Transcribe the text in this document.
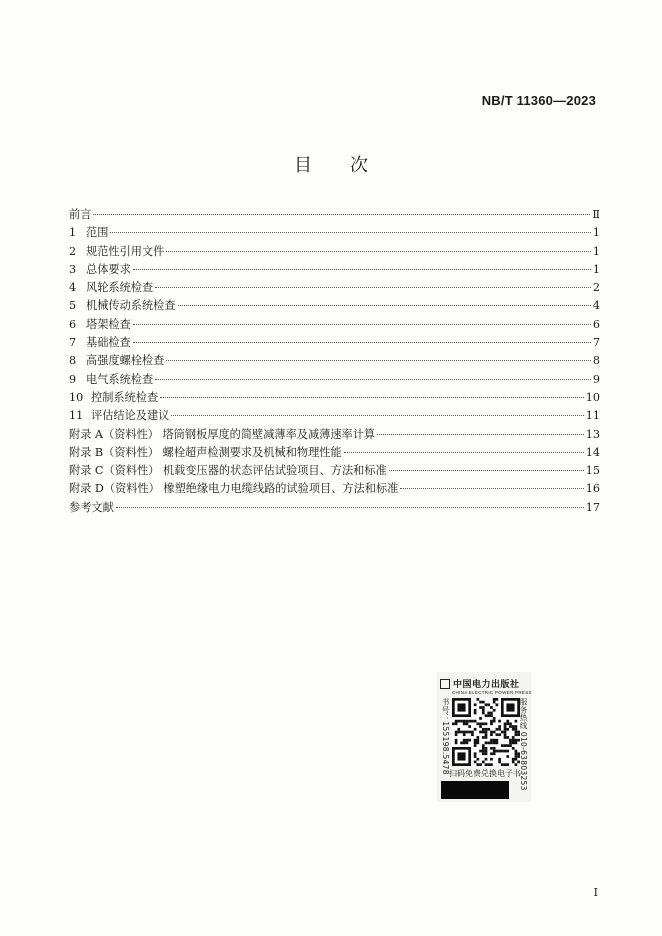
NB/T 11360—2023
目 次
前言	Ⅱ
1 范围	1
2 规范性引用文件	1
3 总体要求	1
4 风轮系统检查	2
5 机械传动系统检查	4
6 塔架检查	6
7 基础检查	7
8 高强度螺栓检查	8
9 电气系统检查	9
10 控制系统检查	10
11 评估结论及建议	11
附录 A（资料性） 塔筒钢板厚度的简壁减薄率及减薄速率计算	13
附录 B（资料性） 螺栓超声检测要求及机械和物理性能	14
附录 C（资料性） 机载变压器的状态评估试验项目、方法和标准	15
附录 D（资料性） 橡塑绝缘电力电缆线路的试验项目、方法和标准	16
参考文献	17
中国电力出版社
CHINA ELECTRIC POWER PRESS
书号：155198.5478	服务热线 010-63803253
扫码免费兑换电子书
I
